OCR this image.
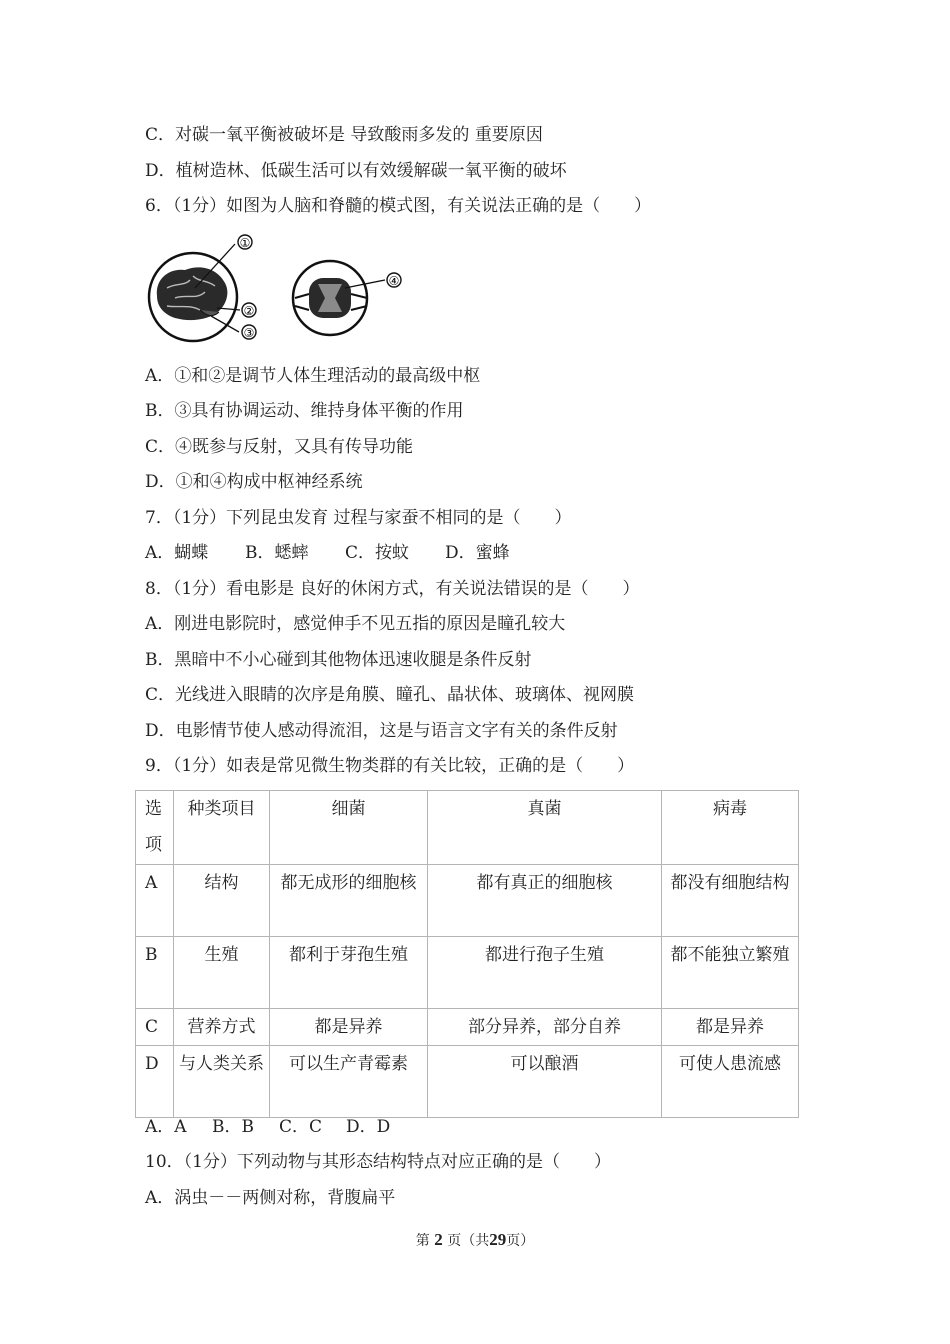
C．对碳一氧平衡被破坏是 导致酸雨多发的 重要原因
D．植树造林、低碳生活可以有效缓解碳一氧平衡的破坏
6．（1分）如图为人脑和脊髓的模式图，有关说法正确的是（　　）
①
②
③
④
A．①和②是调节人体生理活动的最高级中枢
B．③具有协调运动、维持身体平衡的作用
C．④既参与反射，又具有传导功能
D．①和④构成中枢神经系统
7．（1分）下列昆虫发育 过程与家蚕不相同的是（　　）
A．蝴蝶 B．蟋蟀 C．按蚊 D．蜜蜂
8．（1分）看电影是 良好的休闲方式，有关说法错误的是（　　）
A．刚进电影院时，感觉伸手不见五指的原因是瞳孔较大
B．黑暗中不小心碰到其他物体迅速收腿是条件反射
C．光线进入眼睛的次序是角膜、瞳孔、晶状体、玻璃体、视网膜
D．电影情节使人感动得流泪，这是与语言文字有关的条件反射
9．（1分）如表是常见微生物类群的有关比较，正确的是（　　）
选项	种类项目	细菌	真菌	病毒
A	结构	都无成形的细胞核	都有真正的细胞核	都没有细胞结构
B	生殖	都利于芽孢生殖	都进行孢子生殖	都不能独立繁殖
C	营养方式	都是异养	部分异养，部分自养	都是异养
D	与人类关系	可以生产青霉素	可以酿酒	可使人患流感
A．A B．B C．C D．D
10．（1分）下列动物与其形态结构特点对应正确的是（　　）
A．涡虫－－两侧对称，背腹扁平
第 2 页（共29页）
